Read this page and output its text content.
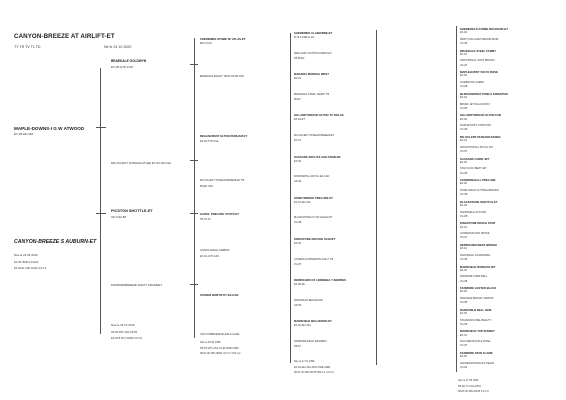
CANYON-BREEZE AT AIRLIFT-ET
TY TR TV TL TD	Né le 24 10 2020
MAPLE-DOWNS-I G W ATWOOD
EX-93-2E-USA
CANYON-BREEZE S AUBURN-ET
Née le 22 05 2016
EX-90 HR45-A 10A32
EX-94 EL 10B 1A12A 3,8 2,9
BRAEDALE GOLDWYN
EX-95-GTP-CAN
MS-OCLENT DURHAM ATLEE ET EX-93-USA
PICSTON SHOTTLE-ET
GP-USA 88
FARMOREBREEZE SHOTT ARLIDEET
Née le 03 12 2015
TB-05-33H-USA GP-89
EX-94 B 30 5 20084 3,8 3,8
SHERERIDE ATOME SF ATLAS-ET
BGH-CAN
BRAEDALE BAILEY TAFIN TB-98-CAN
REGANCREST ELTON DURHAM ET
EX-95-TTP-USA
MS-OCLENT STREAM BREEZE-ET TB
88-EP-USA
GAROL PRELUDE UTOTO ET
TB-79-TA
CANON-ADELE GABBON
EX-92-GTP-CAN
STADER BORTIZ ET ES-CAN
CANYONBREEZE BLAZE & KAGE
Née le 18 03 1998
TB-87-97H-USA VV-96 ORE GMM
08-03 30 395 18004 4,5 3,7 3,52 3,2
SHERERIDE CLAIBORNE-ET
B 79.8 GDR-G AN
WELLANDY PATTINA TAMMY-ET
TB 85-ET
MADAIRA MARSHA WEST
EX-91
BRAEDALE STEEL TAMMY TB
89-ET
HILLANDYDROOK ELTON TU ROLAK
EX-94-ET
MS-OCLENT STREAM BREEZE ET
EX-91
KASSANS ARCLITE AXE KNOB ER
EX-92
KIMSTERHILL ROYAL ES-CAN
GP-84
HONEYBROOK PRELUDE ET
EX-91-2E-USA
BLACKSTONE FLY ET ELEGANT
VG-88
KINGSTONE ARCADE SCHAFT
EX-92
CONSEN SUPPERSON DALLY TB
VG-87
DERRICHER OF LINDEBEA Y BERRIES
EX-95-2E
RANKFIELD BELLWOOD
GP-83
MANSFIELD BELLWOOD-ET
EX-94-3E-USA
FARMORE FIELD RANNERY
TB-87
Née le 17 01 1996
EX-92-2E-USA 3D10 ORE GMM
08-01 30 395 24075 560 4,1 4,6 2,4
SHEREFIELD ATOME ROCKHOR-ET
EX-92
PENTO WILLANDY-BRAND MARI
VG-86
BRAEDALE STEEL TAMMY
EX-91
HARTONHALL SHOT BROWN
VG-87
MAPLEHURST VOLTA ROSE
EX-90
COMESTAR LIGERD
VG-88
BLEECKERWAY PIXELS KINGSTON
EX-93
BROEK JET WILLOW BAY
VG-85
HILLANDYDROOK ELTON FAN
EX-94
MAPLEHURST STRATTON
VG-86
MS-OCLENT DURHAM DANNA
EX-91
KINGSTONHALL ROYAL JET
VG-87
KASSANS CAIRN JET
EX-92
STAN CLIFF BERT JET
VG-86
FARMOREHALL PRELUDE
EX-90
HONEYFIELD OUTSIDE BRANCH
VG-88
BLACKSTONE SHOTTLE ET
EX-93
SNOWFIELD AUTUMN
VG-85
KINGSTONE MAPLE STAR
EX-91
CONSEN BLOOD SPOKE
VG-87
DERRICHER WEST BRIDGE
EX-94
RANKFIELD CASSANDRA
VG-86
MANSFIELD DURHAM JET
EX-92
FARMORE CHIEF BELL
VG-88
FARMORE LESTER BLACK
EX-90
PINEVIEW BRANDY ARROW
VG-85
RANKFIELD BELL GEM
EX-93
STEVENSON BEL BEAUTY
VG-86
MANSFIELD TOP SUNSET
EX-91
MILLVIEW BUCKLE ROSE
VG-87
FARMORE STAR FLAME
EX-92
LEDGEWOOD BLACK PEARL
VG-84
Née le 27 06 1995
TB-92-77-USA 1H01
08-05 30 395 21125 3,6 3,3
